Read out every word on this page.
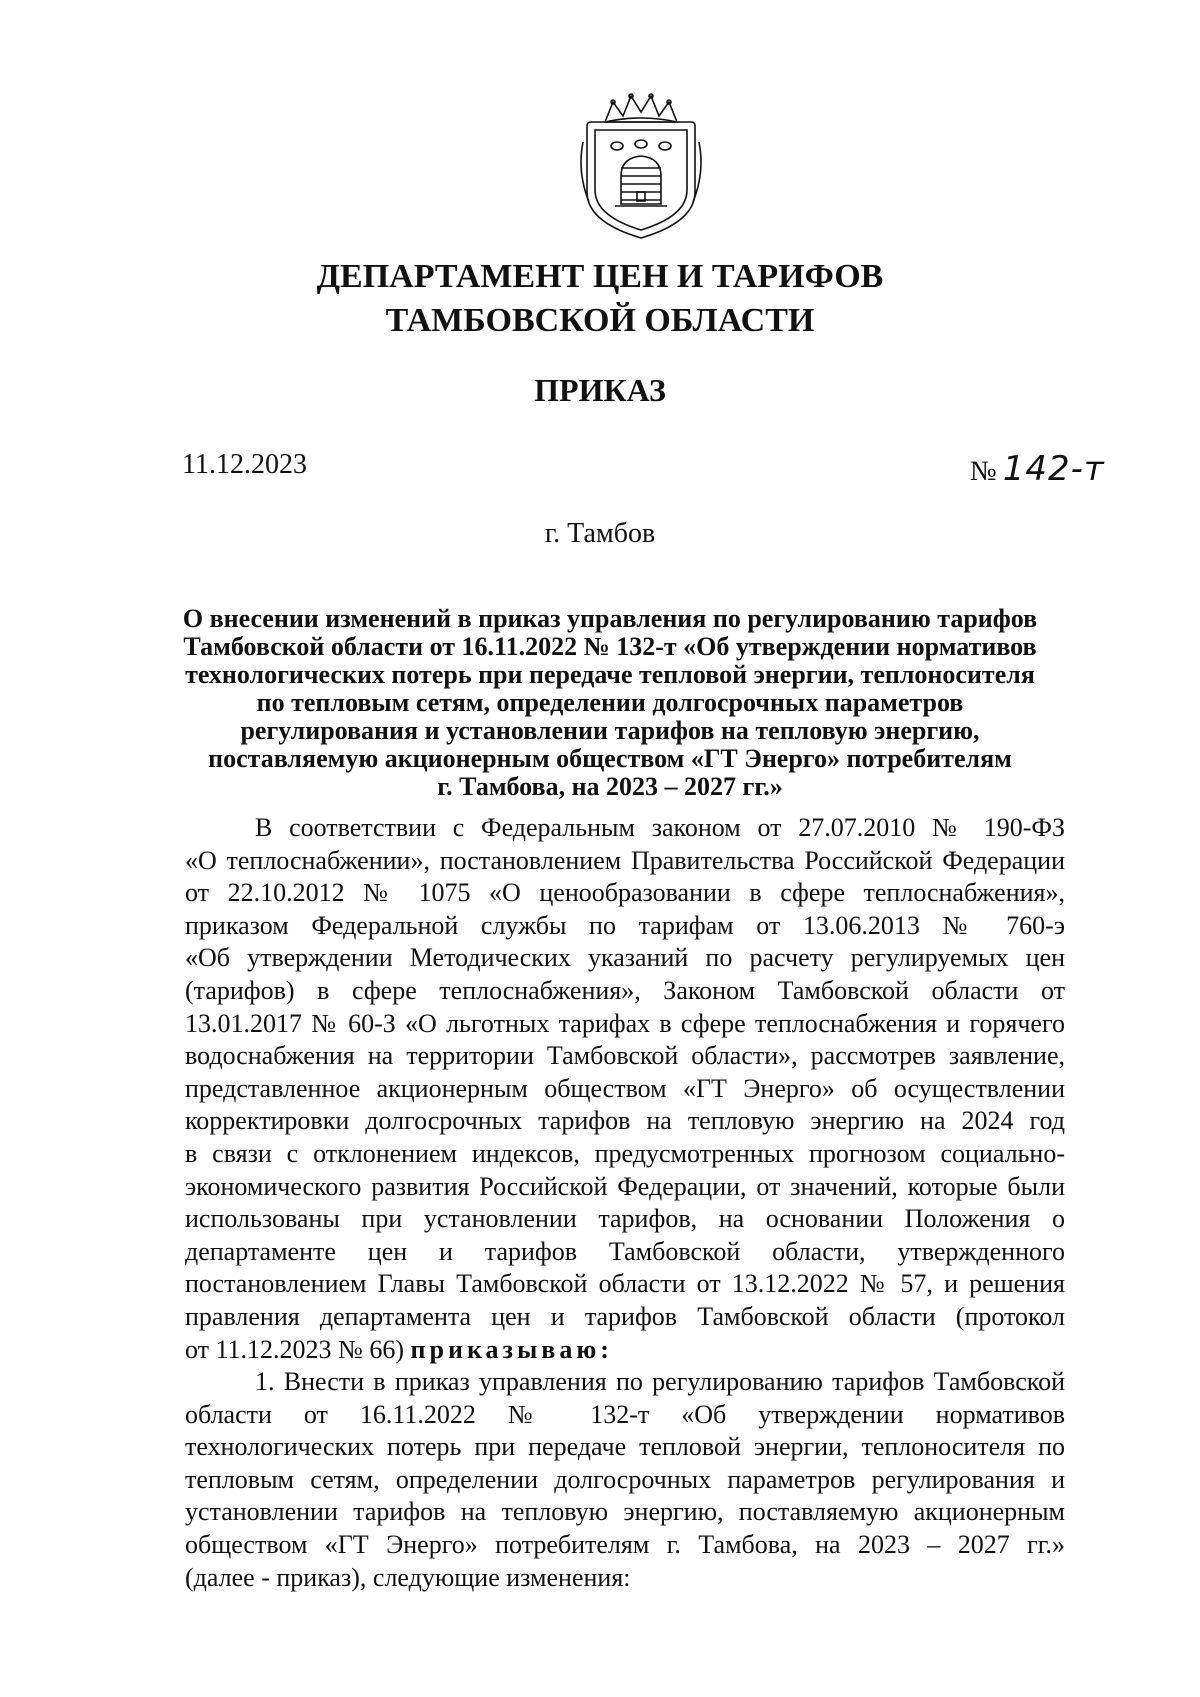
ДЕПАРТАМЕНТ ЦЕН И ТАРИФОВ
ТАМБОВСКОЙ ОБЛАСТИ
ПРИКАЗ
11.12.2023	№ 142-т
г. Тамбов
О внесении изменений в приказ управления по регулированию тарифов
Тамбовской области от 16.11.2022 № 132-т «Об утверждении нормативов
технологических потерь при передаче тепловой энергии, теплоносителя
по тепловым сетям, определении долгосрочных параметров
регулирования и установлении тарифов на тепловую энергию,
поставляемую акционерным обществом «ГТ Энерго» потребителям
г. Тамбова, на 2023 – 2027 гг.»
В соответствии с Федеральным законом от 27.07.2010 № 190-ФЗ
«О теплоснабжении», постановлением Правительства Российской Федерации
от 22.10.2012 № 1075 «О ценообразовании в сфере теплоснабжения»,
приказом Федеральной службы по тарифам от 13.06.2013 № 760-э
«Об утверждении Методических указаний по расчету регулируемых цен
(тарифов) в сфере теплоснабжения», Законом Тамбовской области от
13.01.2017 № 60-З «О льготных тарифах в сфере теплоснабжения и горячего
водоснабжения на территории Тамбовской области», рассмотрев заявление,
представленное акционерным обществом «ГТ Энерго» об осуществлении
корректировки долгосрочных тарифов на тепловую энергию на 2024 год
в связи с отклонением индексов, предусмотренных прогнозом социально-
экономического развития Российской Федерации, от значений, которые были
использованы при установлении тарифов, на основании Положения о
департаменте цен и тарифов Тамбовской области, утвержденного
постановлением Главы Тамбовской области от 13.12.2022 № 57, и решения
правления департамента цен и тарифов Тамбовской области (протокол
от 11.12.2023 № 66) приказываю:
1. Внести в приказ управления по регулированию тарифов Тамбовской
области от 16.11.2022 № 132-т «Об утверждении нормативов
технологических потерь при передаче тепловой энергии, теплоносителя по
тепловым сетям, определении долгосрочных параметров регулирования и
установлении тарифов на тепловую энергию, поставляемую акционерным
обществом «ГТ Энерго» потребителям г. Тамбова, на 2023 – 2027 гг.»
(далее - приказ), следующие изменения:
